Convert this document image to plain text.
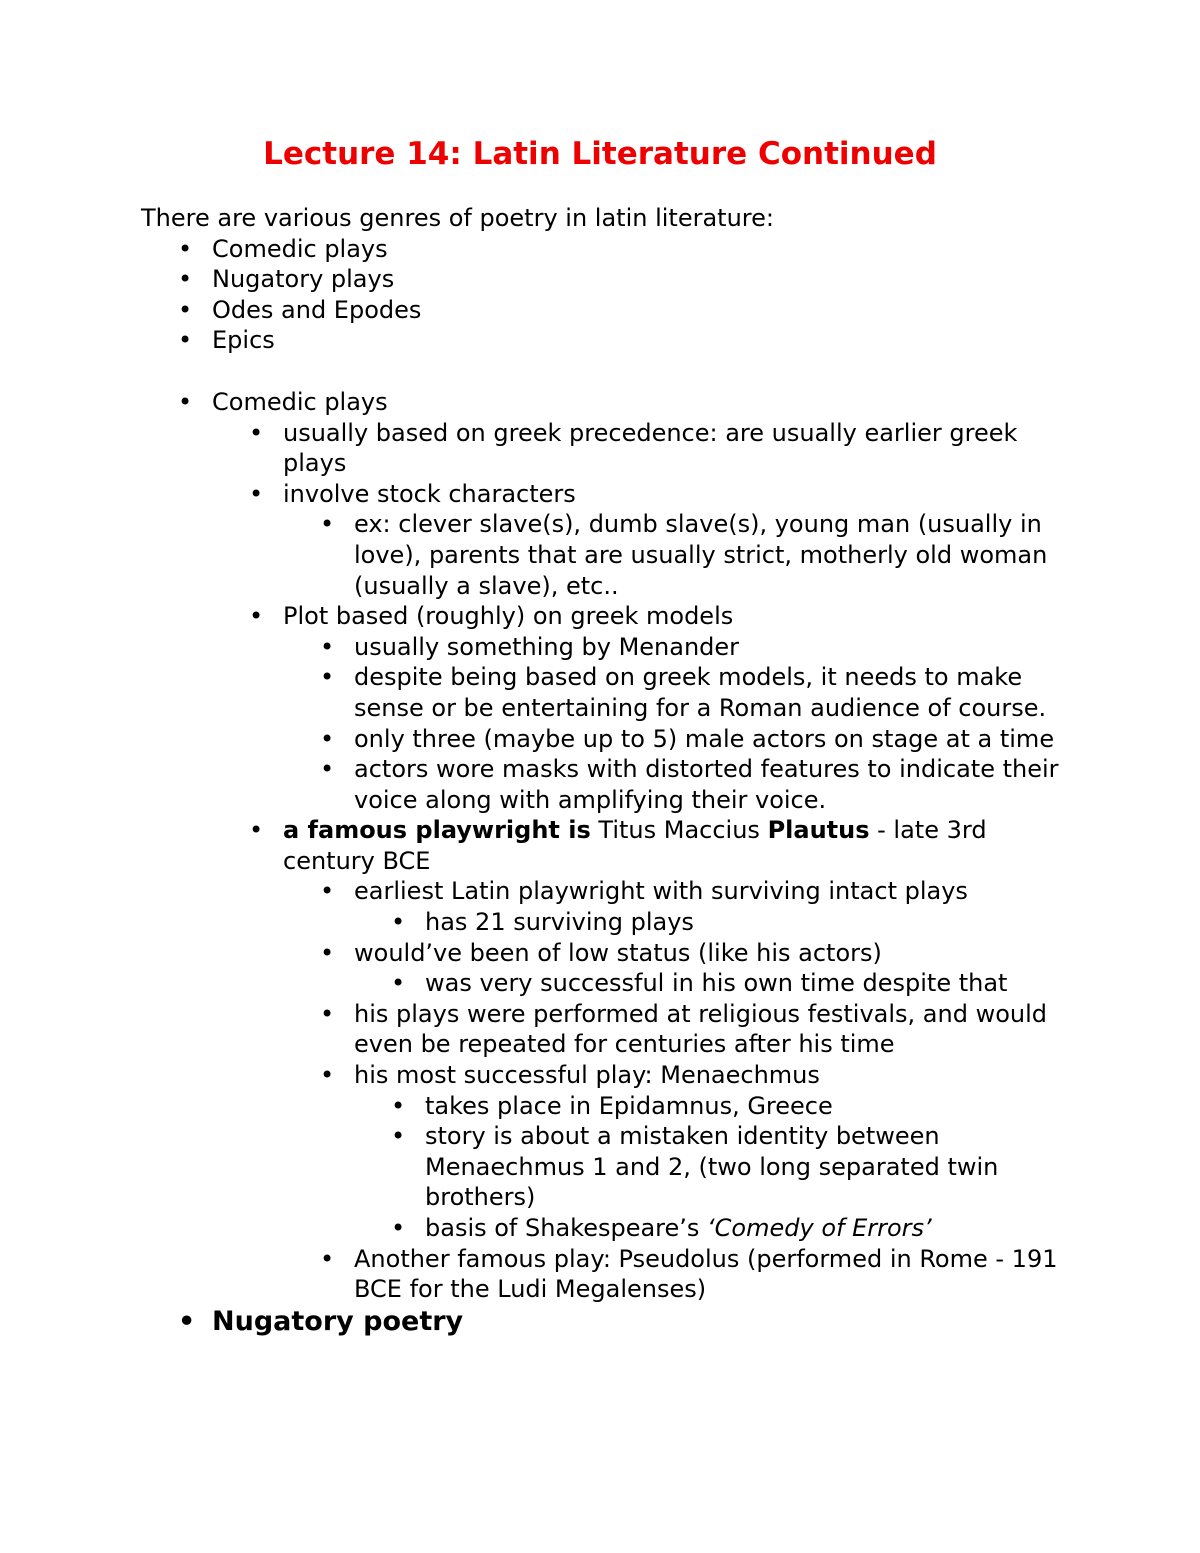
Lecture 14: Latin Literature Continued

There are various genres of poetry in latin literature:

• Comedic plays
• Nugatory plays
• Odes and Epodes
• Epics
• Comedic plays
• usually based on greek precedence: are usually earlier greek plays
• involve stock characters
• ex: clever slave(s), dumb slave(s), young man (usually in love), parents that are usually strict, motherly old woman (usually a slave), etc..
• Plot based (roughly) on greek models
• usually something by Menander
• despite being based on greek models, it needs to make sense or be entertaining for a Roman audience of course.
• only three (maybe up to 5) male actors on stage at a time
• actors wore masks with distorted features to indicate their voice along with amplifying their voice.
• a famous playwright is Titus Maccius Plautus - late 3rd century BCE
• earliest Latin playwright with surviving intact plays
• has 21 surviving plays
• would’ve been of low status (like his actors)
• was very successful in his own time despite that
• his plays were performed at religious festivals, and would even be repeated for centuries after his time
• his most successful play: Menaechmus
• takes place in Epidamnus, Greece
• story is about a mistaken identity between Menaechmus 1 and 2, (two long separated twin brothers)
• basis of Shakespeare’s ‘Comedy of Errors’
• Another famous play: Pseudolus (performed in Rome - 191 BCE for the Ludi Megalenses)
• Nugatory poetry
